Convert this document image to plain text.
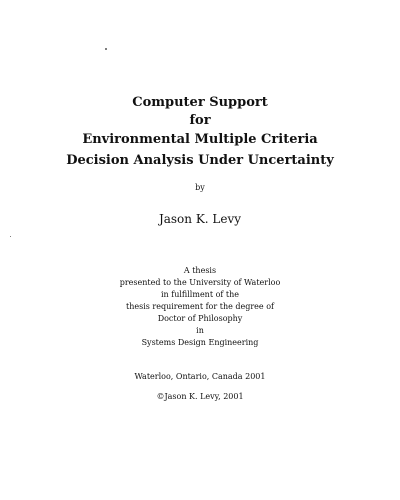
Computer Support
for
Environmental Multiple Criteria
Decision Analysis Under Uncertainty
by
Jason K. Levy
A thesis
presented to the University of Waterloo
in fulfillment of the
thesis requirement for the degree of
Doctor of Philosophy
in
Systems Design Engineering
Waterloo, Ontario, Canada 2001
©Jason K. Levy, 2001
